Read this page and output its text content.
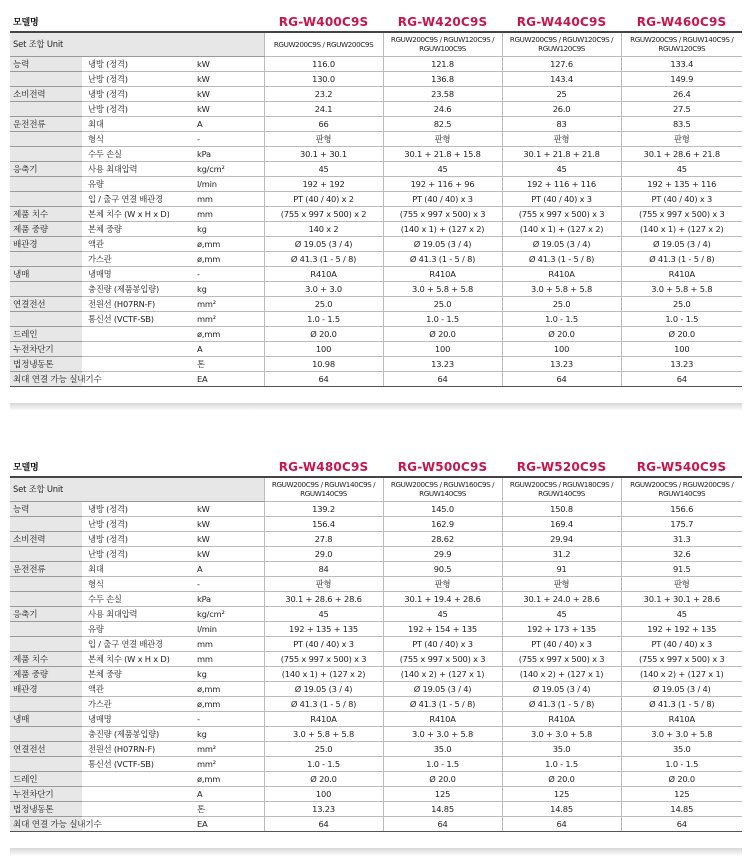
모델명			RG-W400C9S	RG-W420C9S	RG-W440C9S	RG-W460C9S
Set 조합 Unit			RGUW200C9S / RGUW200C9S	RGUW200C9S / RGUW120C9S / RGUW100C9S	RGUW200C9S / RGUW120C9S / RGUW120C9S	RGUW200C9S / RGUW140C9S / RGUW120C9S
능력	냉방 (정격)	kW	116.0	121.8	127.6	133.4
	난방 (정격)	kW	130.0	136.8	143.4	149.9
소비전력	냉방 (정격)	kW	23.2	23.58	25	26.4
	난방 (정격)	kW	24.1	24.6	26.0	27.5
운전전류	최대	A	66	82.5	83	83.5
	형식	-	판형	판형	판형	판형
	수두 손실	kPa	30.1 + 30.1	30.1 + 21.8 + 15.8	30.1 + 21.8 + 21.8	30.1 + 28.6 + 21.8
응축기	사용 최대압력	kg/cm²	45	45	45	45
	유량	l/min	192 + 192	192 + 116 + 96	192 + 116 + 116	192 + 135 + 116
	입 / 출구 연결 배관경	mm	PT (40 / 40) x 2	PT (40 / 40) x 3	PT (40 / 40) x 3	PT (40 / 40) x 3
제품 치수	본체 치수 (W x H x D)	mm	(755 x 997 x 500) x 2	(755 x 997 x 500) x 3	(755 x 997 x 500) x 3	(755 x 997 x 500) x 3
제품 중량	본체 중량	kg	140 x 2	(140 x 1) + (127 x 2)	(140 x 1) + (127 x 2)	(140 x 1) + (127 x 2)
배관경	액관	ø,mm	Ø 19.05 (3 / 4)	Ø 19.05 (3 / 4)	Ø 19.05 (3 / 4)	Ø 19.05 (3 / 4)
	가스관	ø,mm	Ø 41.3 (1 - 5 / 8)	Ø 41.3 (1 - 5 / 8)	Ø 41.3 (1 - 5 / 8)	Ø 41.3 (1 - 5 / 8)
냉매	냉매명	-	R410A	R410A	R410A	R410A
	충진량 (제품봉입량)	kg	3.0 + 3.0	3.0 + 5.8 + 5.8	3.0 + 5.8 + 5.8	3.0 + 5.8 + 5.8
연결전선	전원선 (H07RN-F)	mm²	25.0	25.0	25.0	25.0
	통신선 (VCTF-SB)	mm²	1.0 - 1.5	1.0 - 1.5	1.0 - 1.5	1.0 - 1.5
드레인		ø,mm	Ø 20.0	Ø 20.0	Ø 20.0	Ø 20.0
누전차단기		A	100	100	100	100
법정냉동톤		톤	10.98	13.23	13.23	13.23
최대 연결 가능 실내기수		EA	64	64	64	64
모델명			RG-W480C9S	RG-W500C9S	RG-W520C9S	RG-W540C9S
Set 조합 Unit			RGUW200C9S / RGUW140C9S / RGUW140C9S	RGUW200C9S / RGUW160C9S / RGUW140C9S	RGUW200C9S / RGUW180C9S / RGUW140C9S	RGUW200C9S / RGUW200C9S / RGUW140C9S
능력	냉방 (정격)	kW	139.2	145.0	150.8	156.6
	난방 (정격)	kW	156.4	162.9	169.4	175.7
소비전력	냉방 (정격)	kW	27.8	28.62	29.94	31.3
	난방 (정격)	kW	29.0	29.9	31.2	32.6
운전전류	최대	A	84	90.5	91	91.5
	형식	-	판형	판형	판형	판형
	수두 손실	kPa	30.1 + 28.6 + 28.6	30.1 + 19.4 + 28.6	30.1 + 24.0 + 28.6	30.1 + 30.1 + 28.6
응축기	사용 최대압력	kg/cm²	45	45	45	45
	유량	l/min	192 + 135 + 135	192 + 154 + 135	192 + 173 + 135	192 + 192 + 135
	입 / 출구 연결 배관경	mm	PT (40 / 40) x 3	PT (40 / 40) x 3	PT (40 / 40) x 3	PT (40 / 40) x 3
제품 치수	본체 치수 (W x H x D)	mm	(755 x 997 x 500) x 3	(755 x 997 x 500) x 3	(755 x 997 x 500) x 3	(755 x 997 x 500) x 3
제품 중량	본체 중량	kg	(140 x 1) + (127 x 2)	(140 x 2) + (127 x 1)	(140 x 2) + (127 x 1)	(140 x 2) + (127 x 1)
배관경	액관	ø,mm	Ø 19.05 (3 / 4)	Ø 19.05 (3 / 4)	Ø 19.05 (3 / 4)	Ø 19.05 (3 / 4)
	가스관	ø,mm	Ø 41.3 (1 - 5 / 8)	Ø 41.3 (1 - 5 / 8)	Ø 41.3 (1 - 5 / 8)	Ø 41.3 (1 - 5 / 8)
냉매	냉매명	-	R410A	R410A	R410A	R410A
	충진량 (제품봉입량)	kg	3.0 + 5.8 + 5.8	3.0 + 3.0 + 5.8	3.0 + 3.0 + 5.8	3.0 + 3.0 + 5.8
연결전선	전원선 (H07RN-F)	mm²	25.0	35.0	35.0	35.0
	통신선 (VCTF-SB)	mm²	1.0 - 1.5	1.0 - 1.5	1.0 - 1.5	1.0 - 1.5
드레인		ø,mm	Ø 20.0	Ø 20.0	Ø 20.0	Ø 20.0
누전차단기		A	100	125	125	125
법정냉동톤		톤	13.23	14.85	14.85	14.85
최대 연결 가능 실내기수		EA	64	64	64	64
